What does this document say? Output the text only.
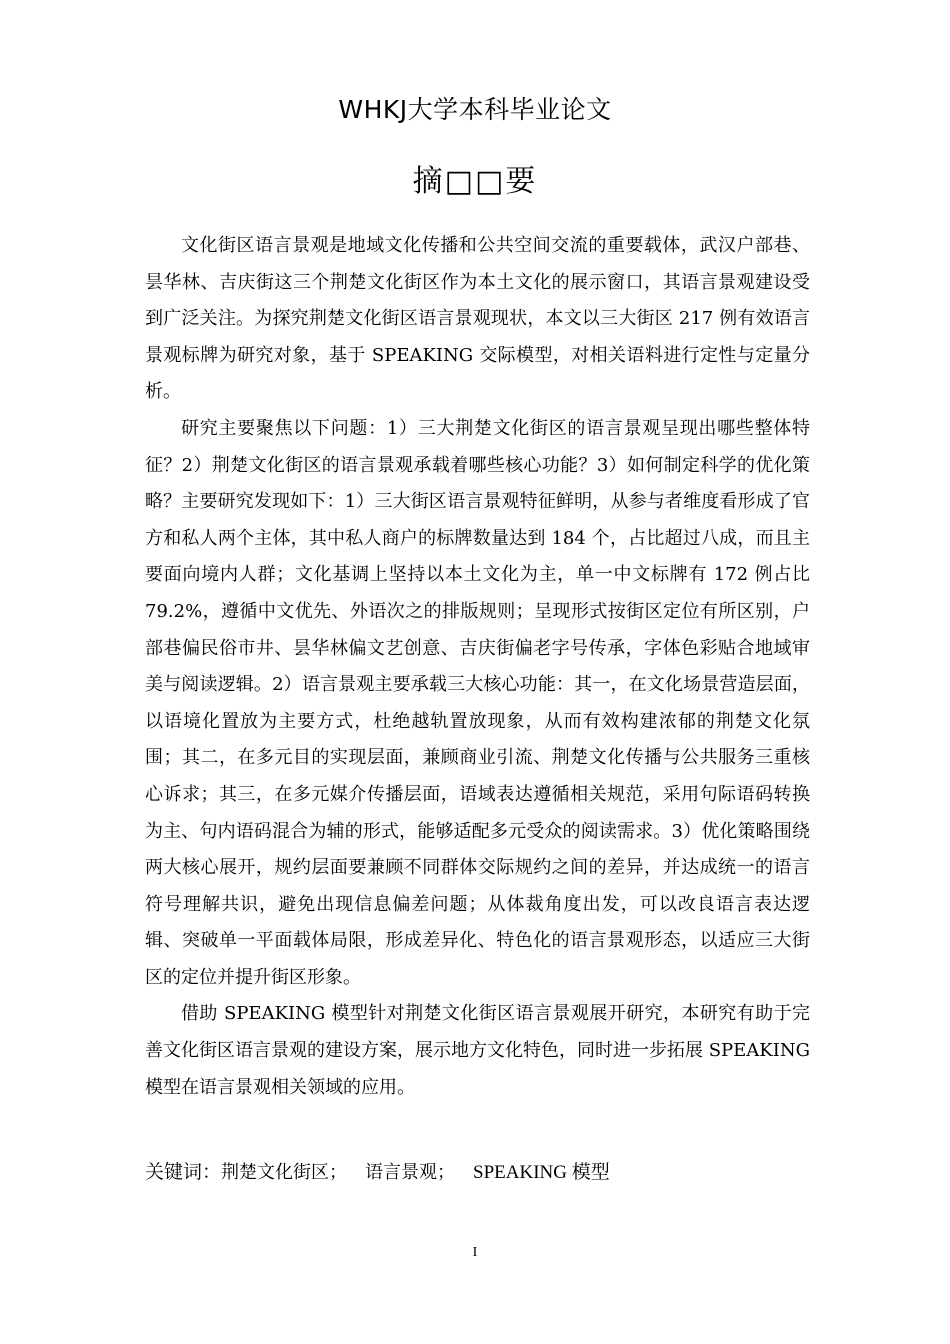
WHKJ大学本科毕业论文
摘□□要

文化街区语言景观是地域文化传播和公共空间交流的重要载体，武汉户部巷、昙华林、吉庆街这三个荆楚文化街区作为本土文化的展示窗口，其语言景观建设受到广泛关注。为探究荆楚文化街区语言景观现状，本文以三大街区 217 例有效语言景观标牌为研究对象，基于 SPEAKING 交际模型，对相关语料进行定性与定量分析。

研究主要聚焦以下问题：1）三大荆楚文化街区的语言景观呈现出哪些整体特征？2）荆楚文化街区的语言景观承载着哪些核心功能？3）如何制定科学的优化策略？主要研究发现如下：1）三大街区语言景观特征鲜明，从参与者维度看形成了官方和私人两个主体，其中私人商户的标牌数量达到 184 个，占比超过八成，而且主要面向境内人群；文化基调上坚持以本土文化为主，单一中文标牌有 172 例占比 79.2%，遵循中文优先、外语次之的排版规则；呈现形式按街区定位有所区别，户部巷偏民俗市井、昙华林偏文艺创意、吉庆街偏老字号传承，字体色彩贴合地域审美与阅读逻辑。2）语言景观主要承载三大核心功能：其一，在文化场景营造层面，以语境化置放为主要方式，杜绝越轨置放现象，从而有效构建浓郁的荆楚文化氛围；其二，在多元目的实现层面，兼顾商业引流、荆楚文化传播与公共服务三重核心诉求；其三，在多元媒介传播层面，语域表达遵循相关规范，采用句际语码转换为主、句内语码混合为辅的形式，能够适配多元受众的阅读需求。3）优化策略围绕两大核心展开，规约层面要兼顾不同群体交际规约之间的差异，并达成统一的语言符号理解共识，避免出现信息偏差问题；从体裁角度出发，可以改良语言表达逻辑、突破单一平面载体局限，形成差异化、特色化的语言景观形态，以适应三大街区的定位并提升街区形象。

借助 SPEAKING 模型针对荆楚文化街区语言景观展开研究，本研究有助于完善文化街区语言景观的建设方案，展示地方文化特色，同时进一步拓展 SPEAKING 模型在语言景观相关领域的应用。

关键词：荆楚文化街区； 语言景观； SPEAKING 模型
I
